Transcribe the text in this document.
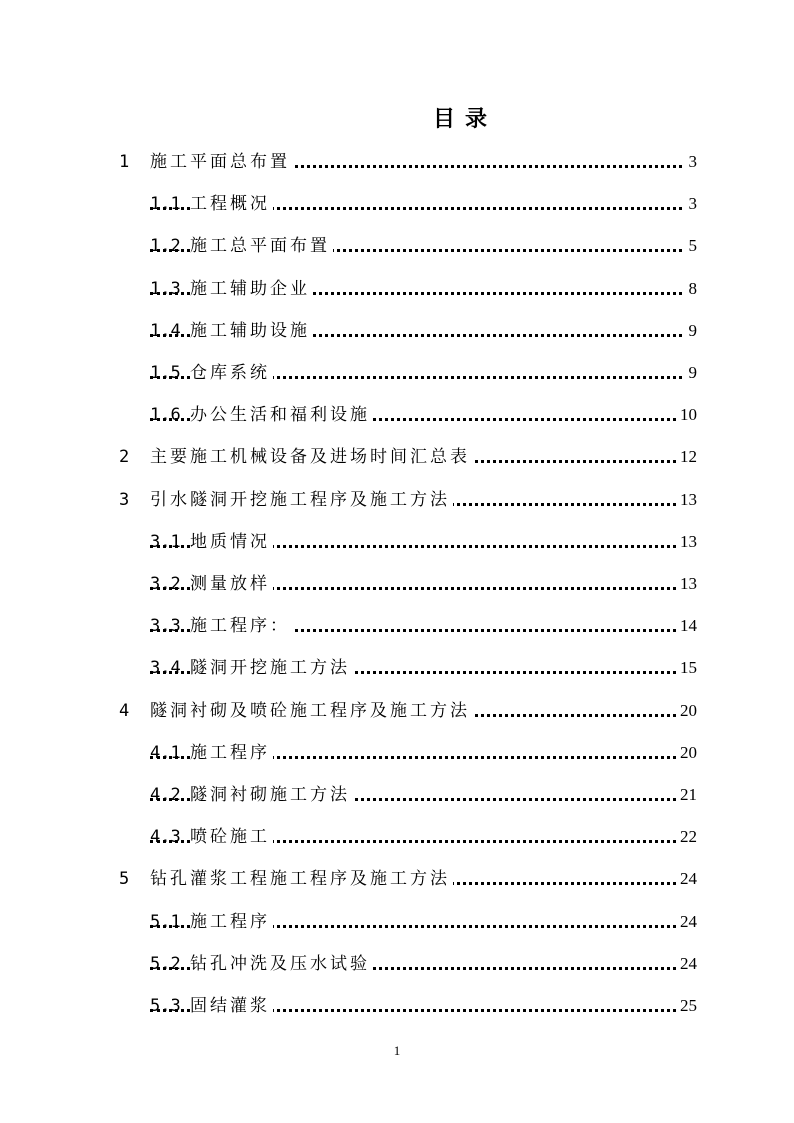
目录
1 施工平面总布置	3
1.1 工程概况	3
1.2 施工总平面布置	5
1.3 施工辅助企业	8
1.4 施工辅助设施	9
1.5 仓库系统	9
1.6 办公生活和福利设施	10
2 主要施工机械设备及进场时间汇总表	12
3 引水隧洞开挖施工程序及施工方法	13
3.1 地质情况	13
3.2 测量放样	13
3.3 施工程序：	14
3.4 隧洞开挖施工方法	15
4 隧洞衬砌及喷砼施工程序及施工方法	20
4.1 施工程序	20
4.2 隧洞衬砌施工方法	21
4.3 喷砼施工	22
5 钻孔灌浆工程施工程序及施工方法	24
5.1 施工程序	24
5.2 钻孔冲洗及压水试验	24
5.3 固结灌浆	25
1
